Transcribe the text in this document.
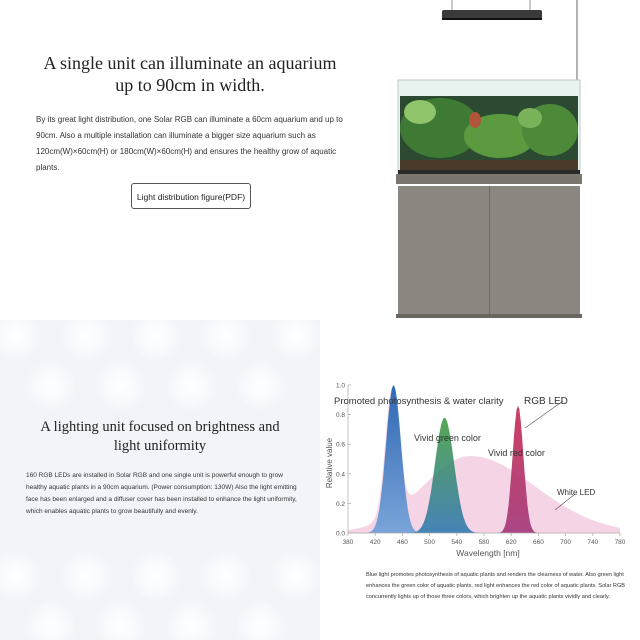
A single unit can illuminate an aquarium
up to 90cm in width.
By its great light distribution, one Solar RGB can illuminate a 60cm aquarium and up to 90cm. Also a multiple installation can illuminate a bigger size aquarium such as 120cm(W)×60cm(H) or 180cm(W)×60cm(H) and ensures the healthy grow of aquatic plants.
Light distribution figure(PDF)
A lighting unit focused on brightness and
light uniformity
160 RGB LEDs are installed in Solar RGB and one single unit is powerful enough to grow healthy aquatic plants in a 90cm aquarium. (Power consumption: 130W) Also the light emitting face has been enlarged and a diffuser cover has been installed to enhance the light uniformity, which enables aquatic plants to grow beautifully and evenly.
0.0
0.2
0.4
0.6
0.8
1.0
380	420	460	500	540	580	620	660	700	740	780
Promoted photosynthesis & water clarity RGB LED
Vivid green color
Vivid red color
White LED
Wavelength [nm]
Relative value
Blue light promotes photosynthesis of aquatic plants and renders the clearness of water. Also green light enhances the green color of aquatic plants, red light enhances the red color of aquatic plants. Solar RGB concurrently lights up of those three colors, which brighten up the aquatic plants vividly and clearly.
